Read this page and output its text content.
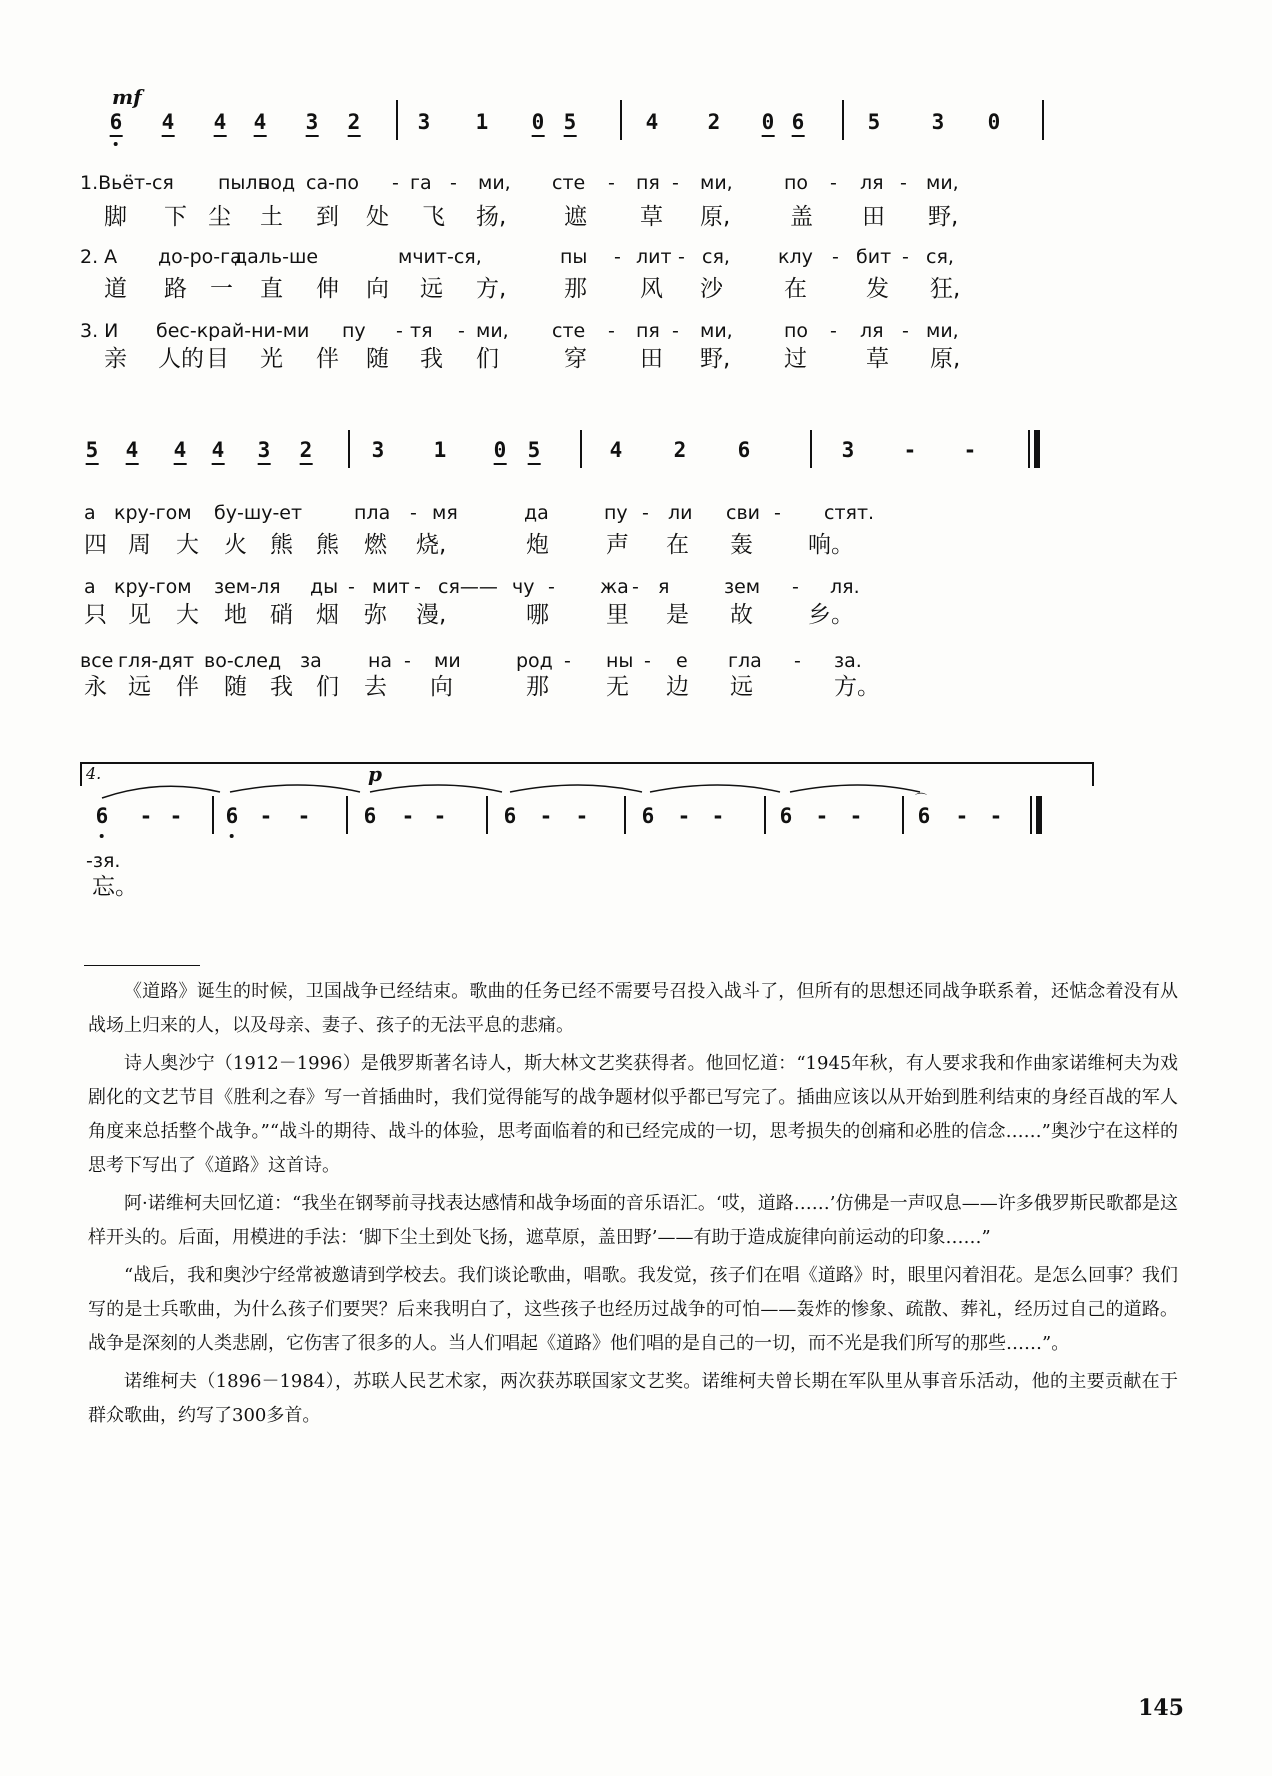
mf
6 4 4 4 3 2	3 1 0 5	4 2 0 6	5 3 0
5 4 4 4 3 2	3 1 0 5	4 2 6	3 - -
4.	p
⌒
6 - - 6 - -	6 - -	6 - -	6 - -	6 - -	6 - -
1.Вьёт-ся пыль
под са-по - га - ми, сте - пя - ми,	по - ля - ми,
脚 下 尘 土 到 处 飞 扬,	遮 草 原,	盖 田 野,
2. А до-ро-га
даль-ше	мчит-ся,	пы - лит - ся,	клу - бит - ся,
道 路 一 直 伸 向 远 方,	那 风 沙	在	发 狂,
3. И бес-край-ни-ми пу - тя - ми, сте - пя - ми,	по - ля - ми,
亲 人的 目 光 伴 随 我 们	穿 田 野, 过	草 原,
а кру-гом бу-шу-ет	пла - мя	да	пу - ли сви - стят.
四 周 大 火 熊 熊 燃 烧,	炮 声 在 轰 响。
а кру-гом зем-ля ды - мит - ся—— чу - жа - я	зем - ля.
只 见 大 地 硝 烟 弥 漫,	哪 里 是 故 乡。
все гля-дят во-след за на - ми	род - ны - е гла - за.
永 远 伴 随 我 们 去 向	那 无 边 远	方。
-зя.
忘。

《道路》诞生的时候，卫国战争已经结束。歌曲的任务已经不需要号召投入战斗了，但所有的思想还同战争联系着，还惦念着没有从战场上归来的人，以及母亲、妻子、孩子的无法平息的悲痛。

诗人奥沙宁（1912－1996）是俄罗斯著名诗人，斯大林文艺奖获得者。他回忆道：“1945年秋，有人要求我和作曲家诺维柯夫为戏剧化的文艺节目《胜利之春》写一首插曲时，我们觉得能写的战争题材似乎都已写完了。插曲应该以从开始到胜利结束的身经百战的军人角度来总括整个战争。”“战斗的期待、战斗的体验，思考面临着的和已经完成的一切，思考损失的创痛和必胜的信念……”奥沙宁在这样的思考下写出了《道路》这首诗。

阿·诺维柯夫回忆道：“我坐在钢琴前寻找表达感情和战争场面的音乐语汇。‘哎，道路……’仿佛是一声叹息——许多俄罗斯民歌都是这样开头的。后面，用模进的手法：‘脚下尘土到处飞扬，遮草原，盖田野’——有助于造成旋律向前运动的印象……”

“战后，我和奥沙宁经常被邀请到学校去。我们谈论歌曲，唱歌。我发觉，孩子们在唱《道路》时，眼里闪着泪花。是怎么回事？我们写的是士兵歌曲，为什么孩子们要哭？后来我明白了，这些孩子也经历过战争的可怕——轰炸的惨象、疏散、葬礼，经历过自己的道路。战争是深刻的人类悲剧，它伤害了很多的人。当人们唱起《道路》他们唱的是自己的一切，而不光是我们所写的那些……”。

诺维柯夫（1896－1984），苏联人民艺术家，两次获苏联国家文艺奖。诺维柯夫曾长期在军队里从事音乐活动，他的主要贡献在于群众歌曲，约写了300多首。

145
